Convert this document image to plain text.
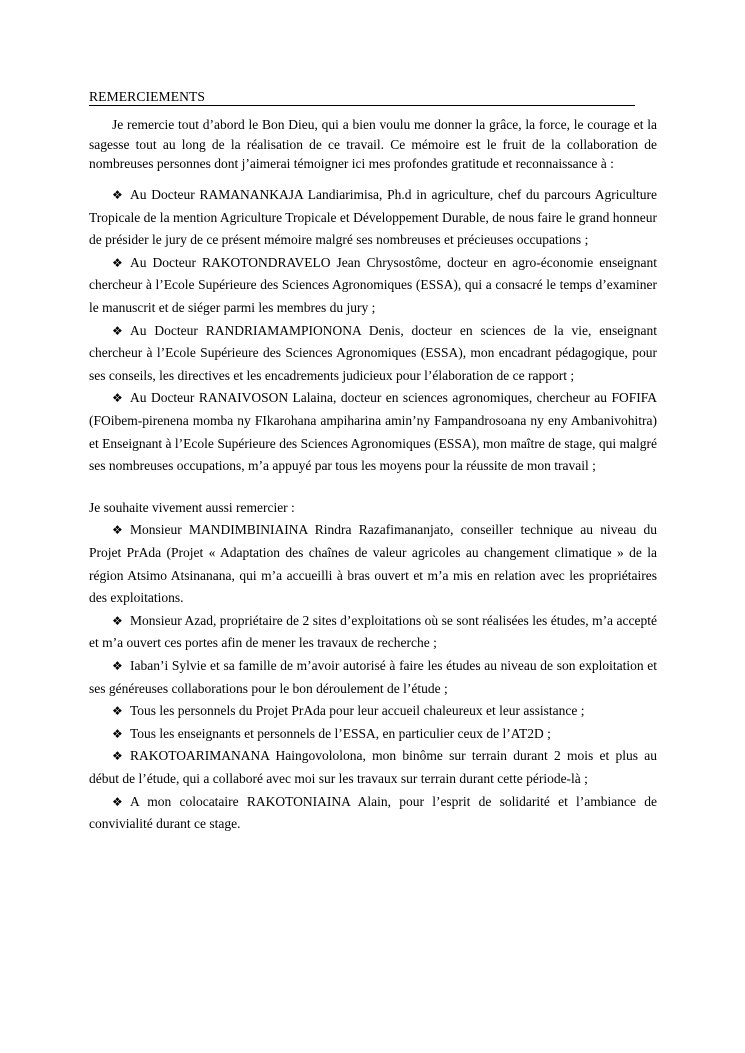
REMERCIEMENTS
Je remercie tout d’abord le Bon Dieu, qui a bien voulu me donner la grâce, la force, le courage et la sagesse tout au long de la réalisation de ce travail. Ce mémoire est le fruit de la collaboration de nombreuses personnes dont j’aimerai témoigner ici mes profondes gratitude et reconnaissance à :
❖ Au Docteur RAMANANKAJA Landiarimisa, Ph.d in agriculture, chef du parcours Agriculture Tropicale de la mention Agriculture Tropicale et Développement Durable, de nous faire le grand honneur de présider le jury de ce présent mémoire malgré ses nombreuses et précieuses occupations ;
❖ Au Docteur RAKOTONDRAVELO Jean Chrysostôme, docteur en agro-économie enseignant chercheur à l’Ecole Supérieure des Sciences Agronomiques (ESSA), qui a consacré le temps d’examiner le manuscrit et de siéger parmi les membres du jury ;
❖ Au Docteur RANDRIAMAMPIONONA Denis, docteur en sciences de la vie, enseignant chercheur à l’Ecole Supérieure des Sciences Agronomiques (ESSA), mon encadrant pédagogique, pour ses conseils, les directives et les encadrements judicieux pour l’élaboration de ce rapport ;
❖ Au Docteur RANAIVOSON Lalaina, docteur en sciences agronomiques, chercheur au FOFIFA (FOibem-pirenena momba ny FIkarohana ampiharina amin’ny Fampandrosoana ny eny Ambanivohitra) et Enseignant à l’Ecole Supérieure des Sciences Agronomiques (ESSA), mon maître de stage, qui malgré ses nombreuses occupations, m’a appuyé par tous les moyens pour la réussite de mon travail ;
Je souhaite vivement aussi remercier :
❖ Monsieur MANDIMBINIAINA Rindra Razafimananjato, conseiller technique au niveau du Projet PrAda (Projet « Adaptation des chaînes de valeur agricoles au changement climatique » de la région Atsimo Atsinanana, qui m’a accueilli à bras ouvert et m’a mis en relation avec les propriétaires des exploitations.
❖ Monsieur Azad, propriétaire de 2 sites d’exploitations où se sont réalisées les études, m’a accepté et m’a ouvert ces portes afin de mener les travaux de recherche ;
❖ Iaban’i Sylvie et sa famille de m’avoir autorisé à faire les études au niveau de son exploitation et ses généreuses collaborations pour le bon déroulement de l’étude ;
❖ Tous les personnels du Projet PrAda pour leur accueil chaleureux et leur assistance ;
❖ Tous les enseignants et personnels de l’ESSA, en particulier ceux de l’AT2D ;
❖ RAKOTOARIMANANA Haingovololona, mon binôme sur terrain durant 2 mois et plus au début de l’étude, qui a collaboré avec moi sur les travaux sur terrain durant cette période-là ;
❖ A mon colocataire RAKOTONIAINA Alain, pour l’esprit de solidarité et l’ambiance de convivialité durant ce stage.
